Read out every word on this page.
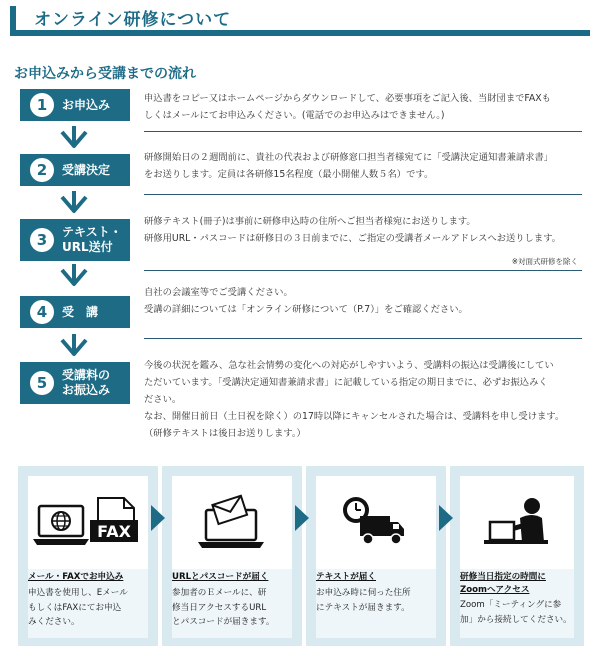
オンライン研修について
お申込みから受講までの流れ
1	お申込み	申込書をコピー又はホームページからダウンロードして、必要事項をご記入後、当財団までFAXも

しくはメールにてお申込みください。(電話でのお申込みはできません。)

2	受講決定

研修開始日の２週間前に、貴社の代表および研修窓口担当者様宛てに「受講決定通知書兼請求書」

をお送りします。定員は各研修15名程度（最小開催人数５名）です。

3	テキスト・
URL送付

研修テキスト(冊子)は事前に研修申込時の住所へご担当者様宛にお送りします。

研修用URL・パスコードは研修日の３日前までに、ご指定の受講者メールアドレスへお送りします。

※対面式研修を除く
4	受　講

自社の会議室等でご受講ください。

受講の詳細については「オンライン研修について（P.7）」をご確認ください。

5	受講料の
お振込み

今後の状況を鑑み、急な社会情勢の変化への対応がしやすいよう、受講料の振込は受講後にしてい

ただいています。「受講決定通知書兼請求書」に記載している指定の期日までに、必ずお振込みく

ださい。

なお、開催日前日（土日祝を除く）の17時以降にキャンセルされた場合は、受講料を申し受けます。

（研修テキストは後日お送りします。）

FAX
メール・FAXでお申込み
申込書を使用し、Eメール
もしくはFAXにてお申込
みください。
URLとパスコードが届く
参加者のＥメールに、研
修当日アクセスするURL
とパスコードが届きます。
テキストが届く
お申込み時に伺った住所
にテキストが届きます。
研修当日指定の時間に
Zoomへアクセス
Zoom「ミーティングに参
加」から接続してください。
